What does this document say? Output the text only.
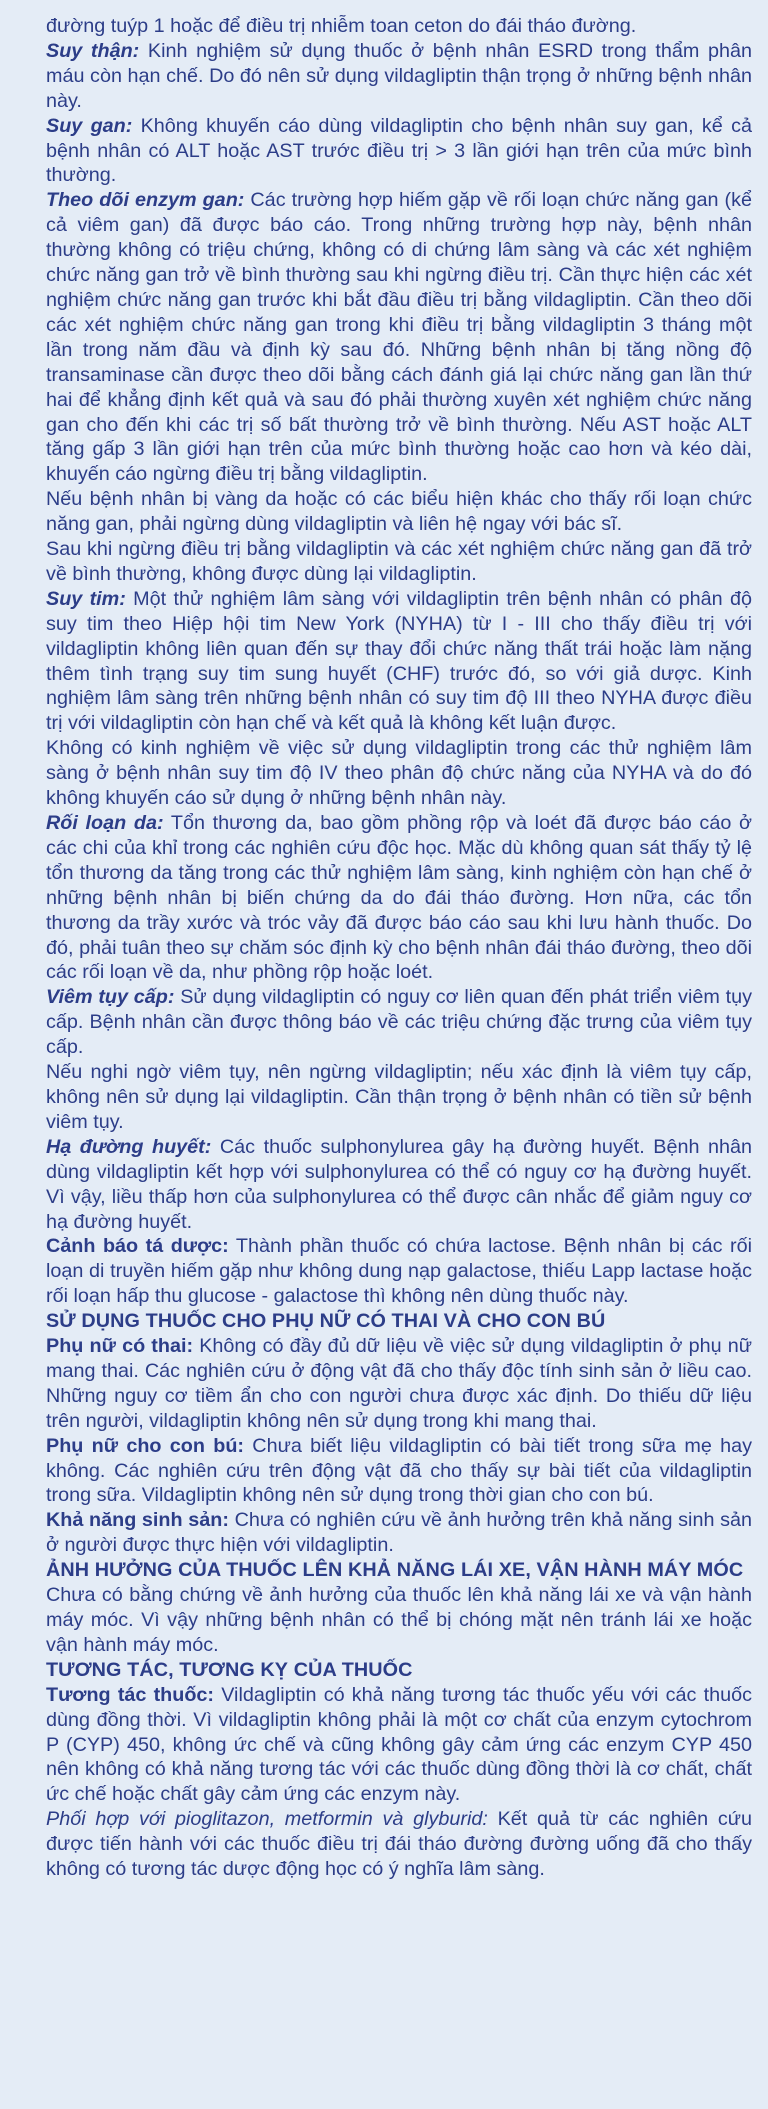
đường tuýp 1 hoặc để điều trị nhiễm toan ceton do đái tháo đường.

Suy thận: Kinh nghiệm sử dụng thuốc ở bệnh nhân ESRD trong thẩm phân máu còn hạn chế. Do đó nên sử dụng vildagliptin thận trọng ở những bệnh nhân này.

Suy gan: Không khuyến cáo dùng vildagliptin cho bệnh nhân suy gan, kể cả bệnh nhân có ALT hoặc AST trước điều trị > 3 lần giới hạn trên của mức bình thường.

Theo dõi enzym gan: Các trường hợp hiếm gặp về rối loạn chức năng gan (kể cả viêm gan) đã được báo cáo. Trong những trường hợp này, bệnh nhân thường không có triệu chứng, không có di chứng lâm sàng và các xét nghiệm chức năng gan trở về bình thường sau khi ngừng điều trị. Cần thực hiện các xét nghiệm chức năng gan trước khi bắt đầu điều trị bằng vildagliptin. Cần theo dõi các xét nghiệm chức năng gan trong khi điều trị bằng vildagliptin 3 tháng một lần trong năm đầu và định kỳ sau đó. Những bệnh nhân bị tăng nồng độ transaminase cần được theo dõi bằng cách đánh giá lại chức năng gan lần thứ hai để khẳng định kết quả và sau đó phải thường xuyên xét nghiệm chức năng gan cho đến khi các trị số bất thường trở về bình thường. Nếu AST hoặc ALT tăng gấp 3 lần giới hạn trên của mức bình thường hoặc cao hơn và kéo dài, khuyến cáo ngừng điều trị bằng vildagliptin.

Nếu bệnh nhân bị vàng da hoặc có các biểu hiện khác cho thấy rối loạn chức năng gan, phải ngừng dùng vildagliptin và liên hệ ngay với bác sĩ.

Sau khi ngừng điều trị bằng vildagliptin và các xét nghiệm chức năng gan đã trở về bình thường, không được dùng lại vildagliptin.

Suy tim: Một thử nghiệm lâm sàng với vildagliptin trên bệnh nhân có phân độ suy tim theo Hiệp hội tim New York (NYHA) từ I - III cho thấy điều trị với vildagliptin không liên quan đến sự thay đổi chức năng thất trái hoặc làm nặng thêm tình trạng suy tim sung huyết (CHF) trước đó, so với giả dược. Kinh nghiệm lâm sàng trên những bệnh nhân có suy tim độ III theo NYHA được điều trị với vildagliptin còn hạn chế và kết quả là không kết luận được.

Không có kinh nghiệm về việc sử dụng vildagliptin trong các thử nghiệm lâm sàng ở bệnh nhân suy tim độ IV theo phân độ chức năng của NYHA và do đó không khuyến cáo sử dụng ở những bệnh nhân này.

Rối loạn da: Tổn thương da, bao gồm phồng rộp và loét đã được báo cáo ở các chi của khỉ trong các nghiên cứu độc học. Mặc dù không quan sát thấy tỷ lệ tổn thương da tăng trong các thử nghiệm lâm sàng, kinh nghiệm còn hạn chế ở những bệnh nhân bị biến chứng da do đái tháo đường. Hơn nữa, các tổn thương da trầy xước và tróc vảy đã được báo cáo sau khi lưu hành thuốc. Do đó, phải tuân theo sự chăm sóc định kỳ cho bệnh nhân đái tháo đường, theo dõi các rối loạn về da, như phồng rộp hoặc loét.

Viêm tụy cấp: Sử dụng vildagliptin có nguy cơ liên quan đến phát triển viêm tụy cấp. Bệnh nhân cần được thông báo về các triệu chứng đặc trưng của viêm tụy cấp.

Nếu nghi ngờ viêm tụy, nên ngừng vildagliptin; nếu xác định là viêm tụy cấp, không nên sử dụng lại vildagliptin. Cần thận trọng ở bệnh nhân có tiền sử bệnh viêm tụy.

Hạ đường huyết: Các thuốc sulphonylurea gây hạ đường huyết. Bệnh nhân dùng vildagliptin kết hợp với sulphonylurea có thể có nguy cơ hạ đường huyết. Vì vậy, liều thấp hơn của sulphonylurea có thể được cân nhắc để giảm nguy cơ hạ đường huyết.

Cảnh báo tá dược: Thành phần thuốc có chứa lactose. Bệnh nhân bị các rối loạn di truyền hiếm gặp như không dung nạp galactose, thiếu Lapp lactase hoặc rối loạn hấp thu glucose - galactose thì không nên dùng thuốc này.

SỬ DỤNG THUỐC CHO PHỤ NỮ CÓ THAI VÀ CHO CON BÚ

Phụ nữ có thai: Không có đầy đủ dữ liệu về việc sử dụng vildagliptin ở phụ nữ mang thai. Các nghiên cứu ở động vật đã cho thấy độc tính sinh sản ở liều cao. Những nguy cơ tiềm ẩn cho con người chưa được xác định. Do thiếu dữ liệu trên người, vildagliptin không nên sử dụng trong khi mang thai.

Phụ nữ cho con bú: Chưa biết liệu vildagliptin có bài tiết trong sữa mẹ hay không. Các nghiên cứu trên động vật đã cho thấy sự bài tiết của vildagliptin trong sữa. Vildagliptin không nên sử dụng trong thời gian cho con bú.

Khả năng sinh sản: Chưa có nghiên cứu về ảnh hưởng trên khả năng sinh sản ở người được thực hiện với vildagliptin.

ẢNH HƯỞNG CỦA THUỐC LÊN KHẢ NĂNG LÁI XE, VẬN HÀNH MÁY MÓC

Chưa có bằng chứng về ảnh hưởng của thuốc lên khả năng lái xe và vận hành máy móc. Vì vậy những bệnh nhân có thể bị chóng mặt nên tránh lái xe hoặc vận hành máy móc.

TƯƠNG TÁC, TƯƠNG KỴ CỦA THUỐC

Tương tác thuốc: Vildagliptin có khả năng tương tác thuốc yếu với các thuốc dùng đồng thời. Vì vildagliptin không phải là một cơ chất của enzym cytochrom P (CYP) 450, không ức chế và cũng không gây cảm ứng các enzym CYP 450 nên không có khả năng tương tác với các thuốc dùng đồng thời là cơ chất, chất ức chế hoặc chất gây cảm ứng các enzym này.

Phối hợp với pioglitazon, metformin và glyburid: Kết quả từ các nghiên cứu được tiến hành với các thuốc điều trị đái tháo đường đường uống đã cho thấy không có tương tác dược động học có ý nghĩa lâm sàng.
